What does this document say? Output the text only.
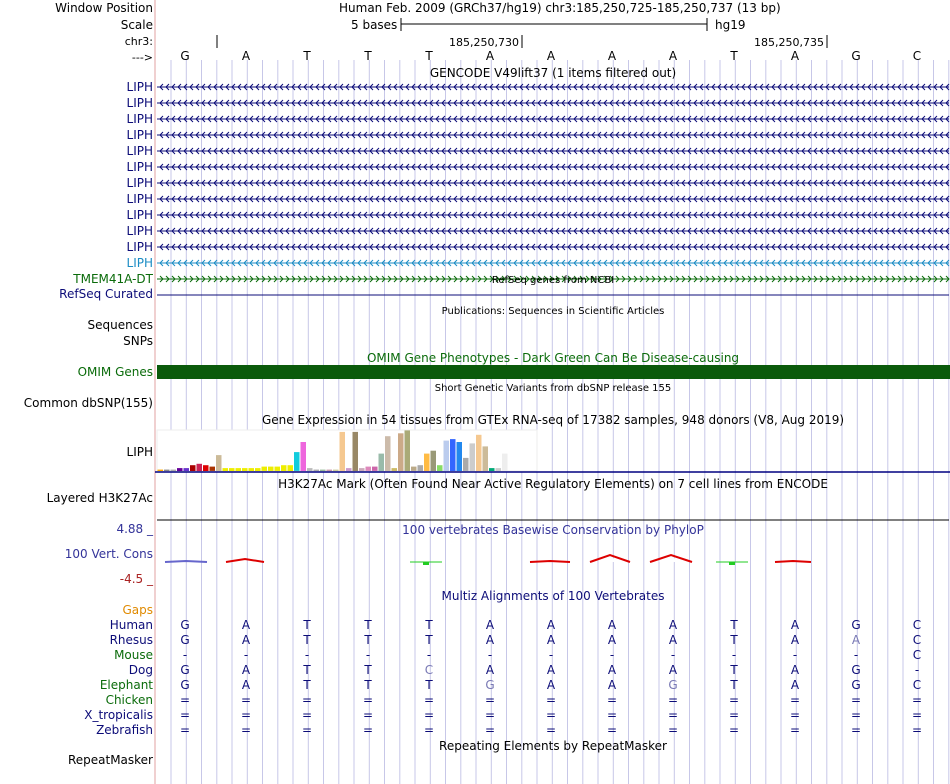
Window Position
Scale
chr3:
--->
Human Feb. 2009 (GRCh37/hg19) chr3:185,250,725-185,250,737 (13 bp)
5 bases	hg19
185,250,730	185,250,735
G	A	T	T	T	A	A	A	A	T	A	G	C
GENCODE V49lift37 (1 items filtered out)
LIPH
LIPH
LIPH
LIPH
LIPH
LIPH
LIPH
LIPH
LIPH
LIPH
LIPH
LIPH
TMEM41A-DT	RefSeq genes from NCBI
RefSeq Curated
Publications: Sequences in Scientific Articles
Sequences
SNPs
OMIM Gene Phenotypes - Dark Green Can Be Disease-causing
OMIM Genes
Short Genetic Variants from dbSNP release 155
Common dbSNP(155)
Gene Expression in 54 tissues from GTEx RNA-seq of 17382 samples, 948 donors (V8, Aug 2019)
LIPH
H3K27Ac Mark (Often Found Near Active Regulatory Elements) on 7 cell lines from ENCODE
Layered H3K27Ac
100 vertebrates Basewise Conservation by PhyloP
4.88 _
100 Vert. Cons
-4.5 _
Multiz Alignments of 100 Vertebrates
Gaps
Human G	A	T	T	T	A	A	A	A	T	A	G	C
Rhesus G	A	T	T	T	A	A	A	A	T	A	A	C
Mouse -	-	-	-	-	-	-	-	-	-	-	-	C
Dog G	A	T	T	C	A	A	A	A	T	A	G	-
Elephant G	A	T	T	T	G	A	A	G	T	A	G	C
Chicken =	=	=	=	=	=	=	=	=	=	=	=	=
X_tropicalis =	=	=	=	=	=	=	=	=	=	=	=	=
Zebrafish =	=	=	=	=	=	=	=	=	=	=	=	=
Repeating Elements by RepeatMasker
RepeatMasker
